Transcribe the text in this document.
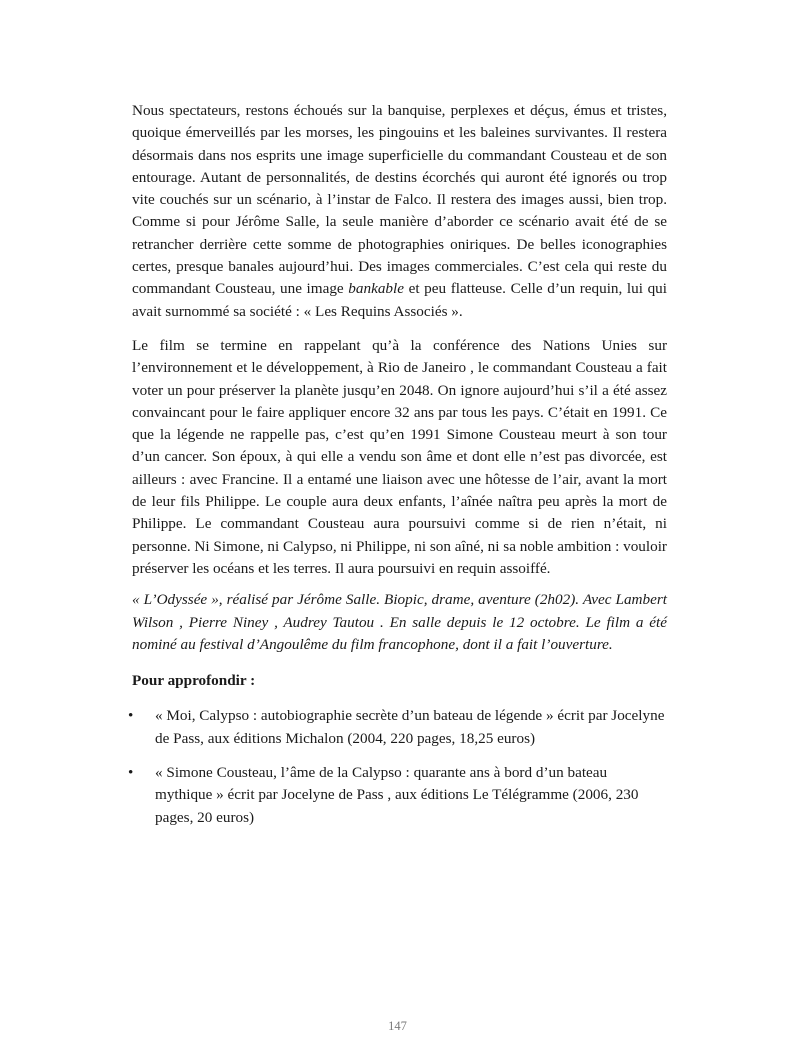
Nous spectateurs, restons échoués sur la banquise, perplexes et déçus, émus et tristes, quoique émerveillés par les morses, les pingouins et les baleines survivantes. Il restera désormais dans nos esprits une image superficielle du commandant Cousteau et de son entourage. Autant de personnalités, de destins écorchés qui auront été ignorés ou trop vite couchés sur un scénario, à l’instar de Falco. Il restera des images aussi, bien trop. Comme si pour Jérôme Salle, la seule manière d’aborder ce scénario avait été de se retrancher derrière cette somme de photographies oniriques. De belles iconographies certes, presque banales aujourd’hui. Des images commerciales. C’est cela qui reste du commandant Cousteau, une image bankable et peu flatteuse. Celle d’un requin, lui qui avait surnommé sa société : « Les Requins Associés ».

Le film se termine en rappelant qu’à la conférence des Nations Unies sur l’environnement et le développement, à Rio de Janeiro , le commandant Cousteau a fait voter un pour préserver la planète jusqu’en 2048. On ignore aujourd’hui s’il a été assez convaincant pour le faire appliquer encore 32 ans par tous les pays. C’était en 1991. Ce que la légende ne rappelle pas, c’est qu’en 1991 Simone Cousteau meurt à son tour d’un cancer. Son époux, à qui elle a vendu son âme et dont elle n’est pas divorcée, est ailleurs : avec Francine. Il a entamé une liaison avec une hôtesse de l’air, avant la mort de leur fils Philippe. Le couple aura deux enfants, l’aînée naîtra peu après la mort de Philippe. Le commandant Cousteau aura poursuivi comme si de rien n’était, ni personne. Ni Simone, ni Calypso, ni Philippe, ni son aîné, ni sa noble ambition : vouloir préserver les océans et les terres. Il aura poursuivi en requin assoiffé.

« L’Odyssée », réalisé par Jérôme Salle. Biopic, drame, aventure (2h02). Avec Lambert Wilson , Pierre Niney , Audrey Tautou . En salle depuis le 12 octobre. Le film a été nominé au festival d’Angoulême du film francophone, dont il a fait l’ouverture.

Pour approfondir :

• « Moi, Calypso : autobiographie secrète d’un bateau de légende » écrit par Jocelyne de Pass, aux éditions Michalon (2004, 220 pages, 18,25 euros)
• « Simone Cousteau, l’âme de la Calypso : quarante ans à bord d’un bateau mythique » écrit par Jocelyne de Pass , aux éditions Le Télégramme (2006, 230 pages, 20 euros)
147
